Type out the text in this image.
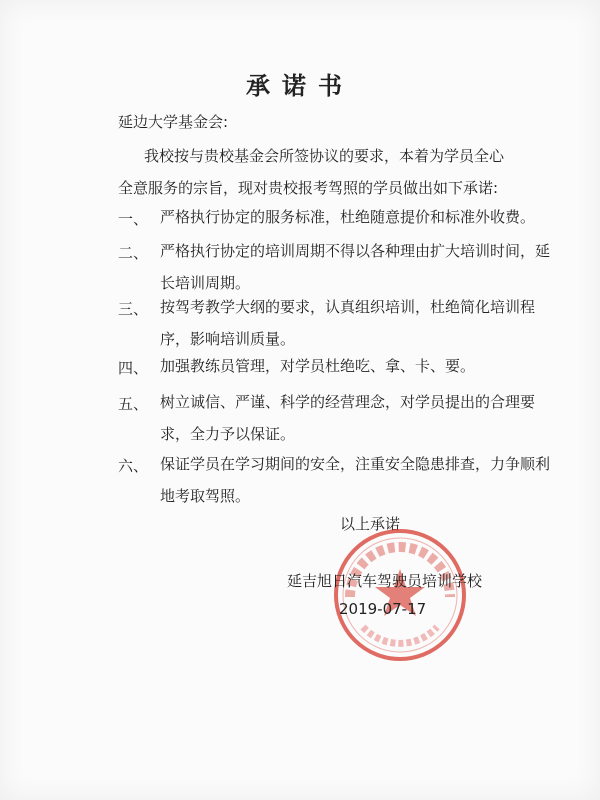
承诺书
延边大学基金会:
我校按与贵校基金会所签协议的要求，本着为学员全心
全意服务的宗旨，现对贵校报考驾照的学员做出如下承诺:
一、 严格执行协定的服务标准，杜绝随意提价和标准外收费。
二、 严格执行协定的培训周期不得以各种理由扩大培训时间，延长培训周期。
三、 按驾考教学大纲的要求，认真组织培训，杜绝简化培训程序，影响培训质量。
四、 加强教练员管理，对学员杜绝吃、拿、卡、要。
五、 树立诚信、严谨、科学的经营理念，对学员提出的合理要求，全力予以保证。
六、 保证学员在学习期间的安全，注重安全隐患排查，力争顺利地考取驾照。
以上承诺
延吉旭日汽车驾驶员培训学校
2019-07-17
